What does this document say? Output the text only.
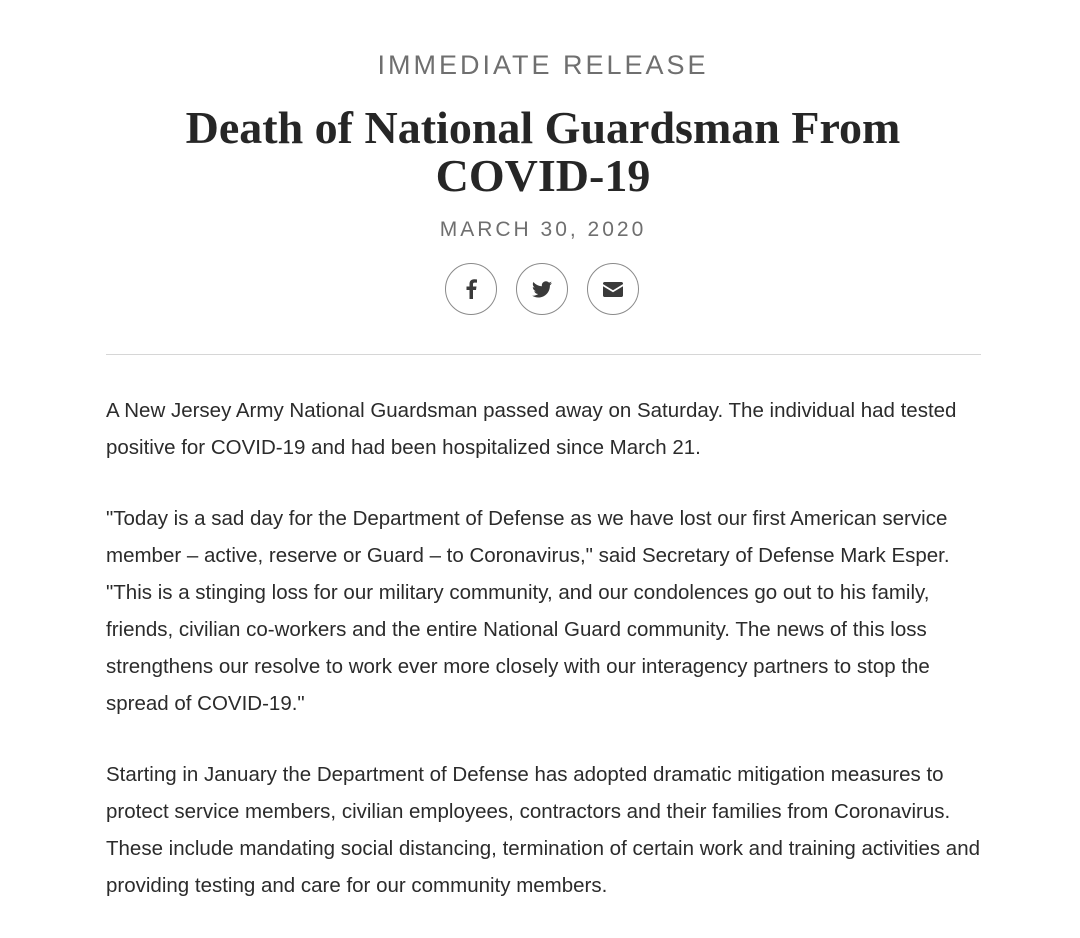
IMMEDIATE RELEASE
Death of National Guardsman From COVID-19
MARCH 30, 2020

A New Jersey Army National Guardsman passed away on Saturday. The individual had tested positive for COVID-19 and had been hospitalized since March 21.

"Today is a sad day for the Department of Defense as we have lost our first American service member – active, reserve or Guard – to Coronavirus," said Secretary of Defense Mark Esper. "This is a stinging loss for our military community, and our condolences go out to his family, friends, civilian co-workers and the entire National Guard community. The news of this loss strengthens our resolve to work ever more closely with our interagency partners to stop the spread of COVID-19."

Starting in January the Department of Defense has adopted dramatic mitigation measures to protect service members, civilian employees, contractors and their families from Coronavirus. These include mandating social distancing, termination of certain work and training activities and providing testing and care for our community members.
